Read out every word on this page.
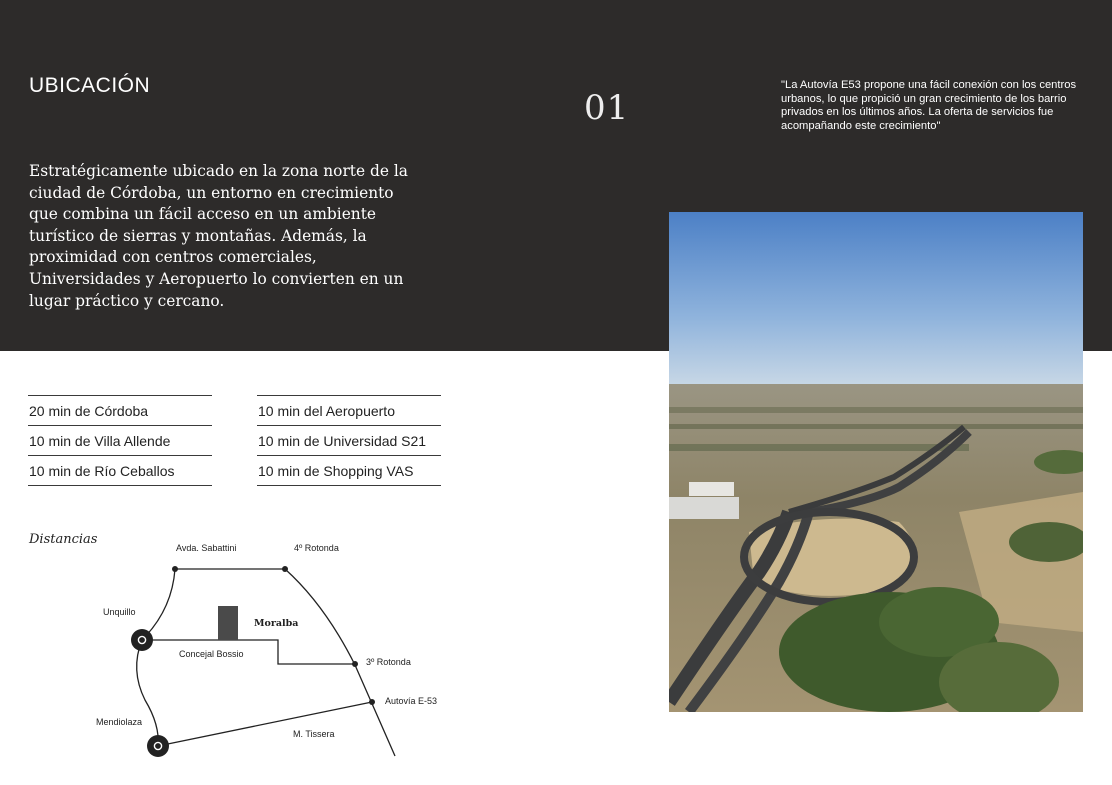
UBICACIÓN
01
"La Autovía E53 propone una fácil conexión con los centros urbanos, lo que propició un gran crecimiento de los barrio privados en los últimos años. La oferta de servicios fue acompañando este crecimiento"
Estratégicamente ubicado en la zona norte de la ciudad de Córdoba, un entorno en crecimiento que combina un fácil acceso en un ambiente turístico de sierras y montañas. Además, la proximidad con centros comerciales, Universidades y Aeropuerto lo convierten en un lugar práctico y cercano.
20 min de Córdoba
10 min de Villa Allende
10 min de Río Ceballos
10 min del Aeropuerto
10 min de Universidad S21
10 min de Shopping VAS
Distancias
Avda. Sabattini	4º Rotonda
Unquillo
Moralba
Concejal Bossio
3º Rotonda
Autovía E-53
Mendiolaza
M. Tissera
